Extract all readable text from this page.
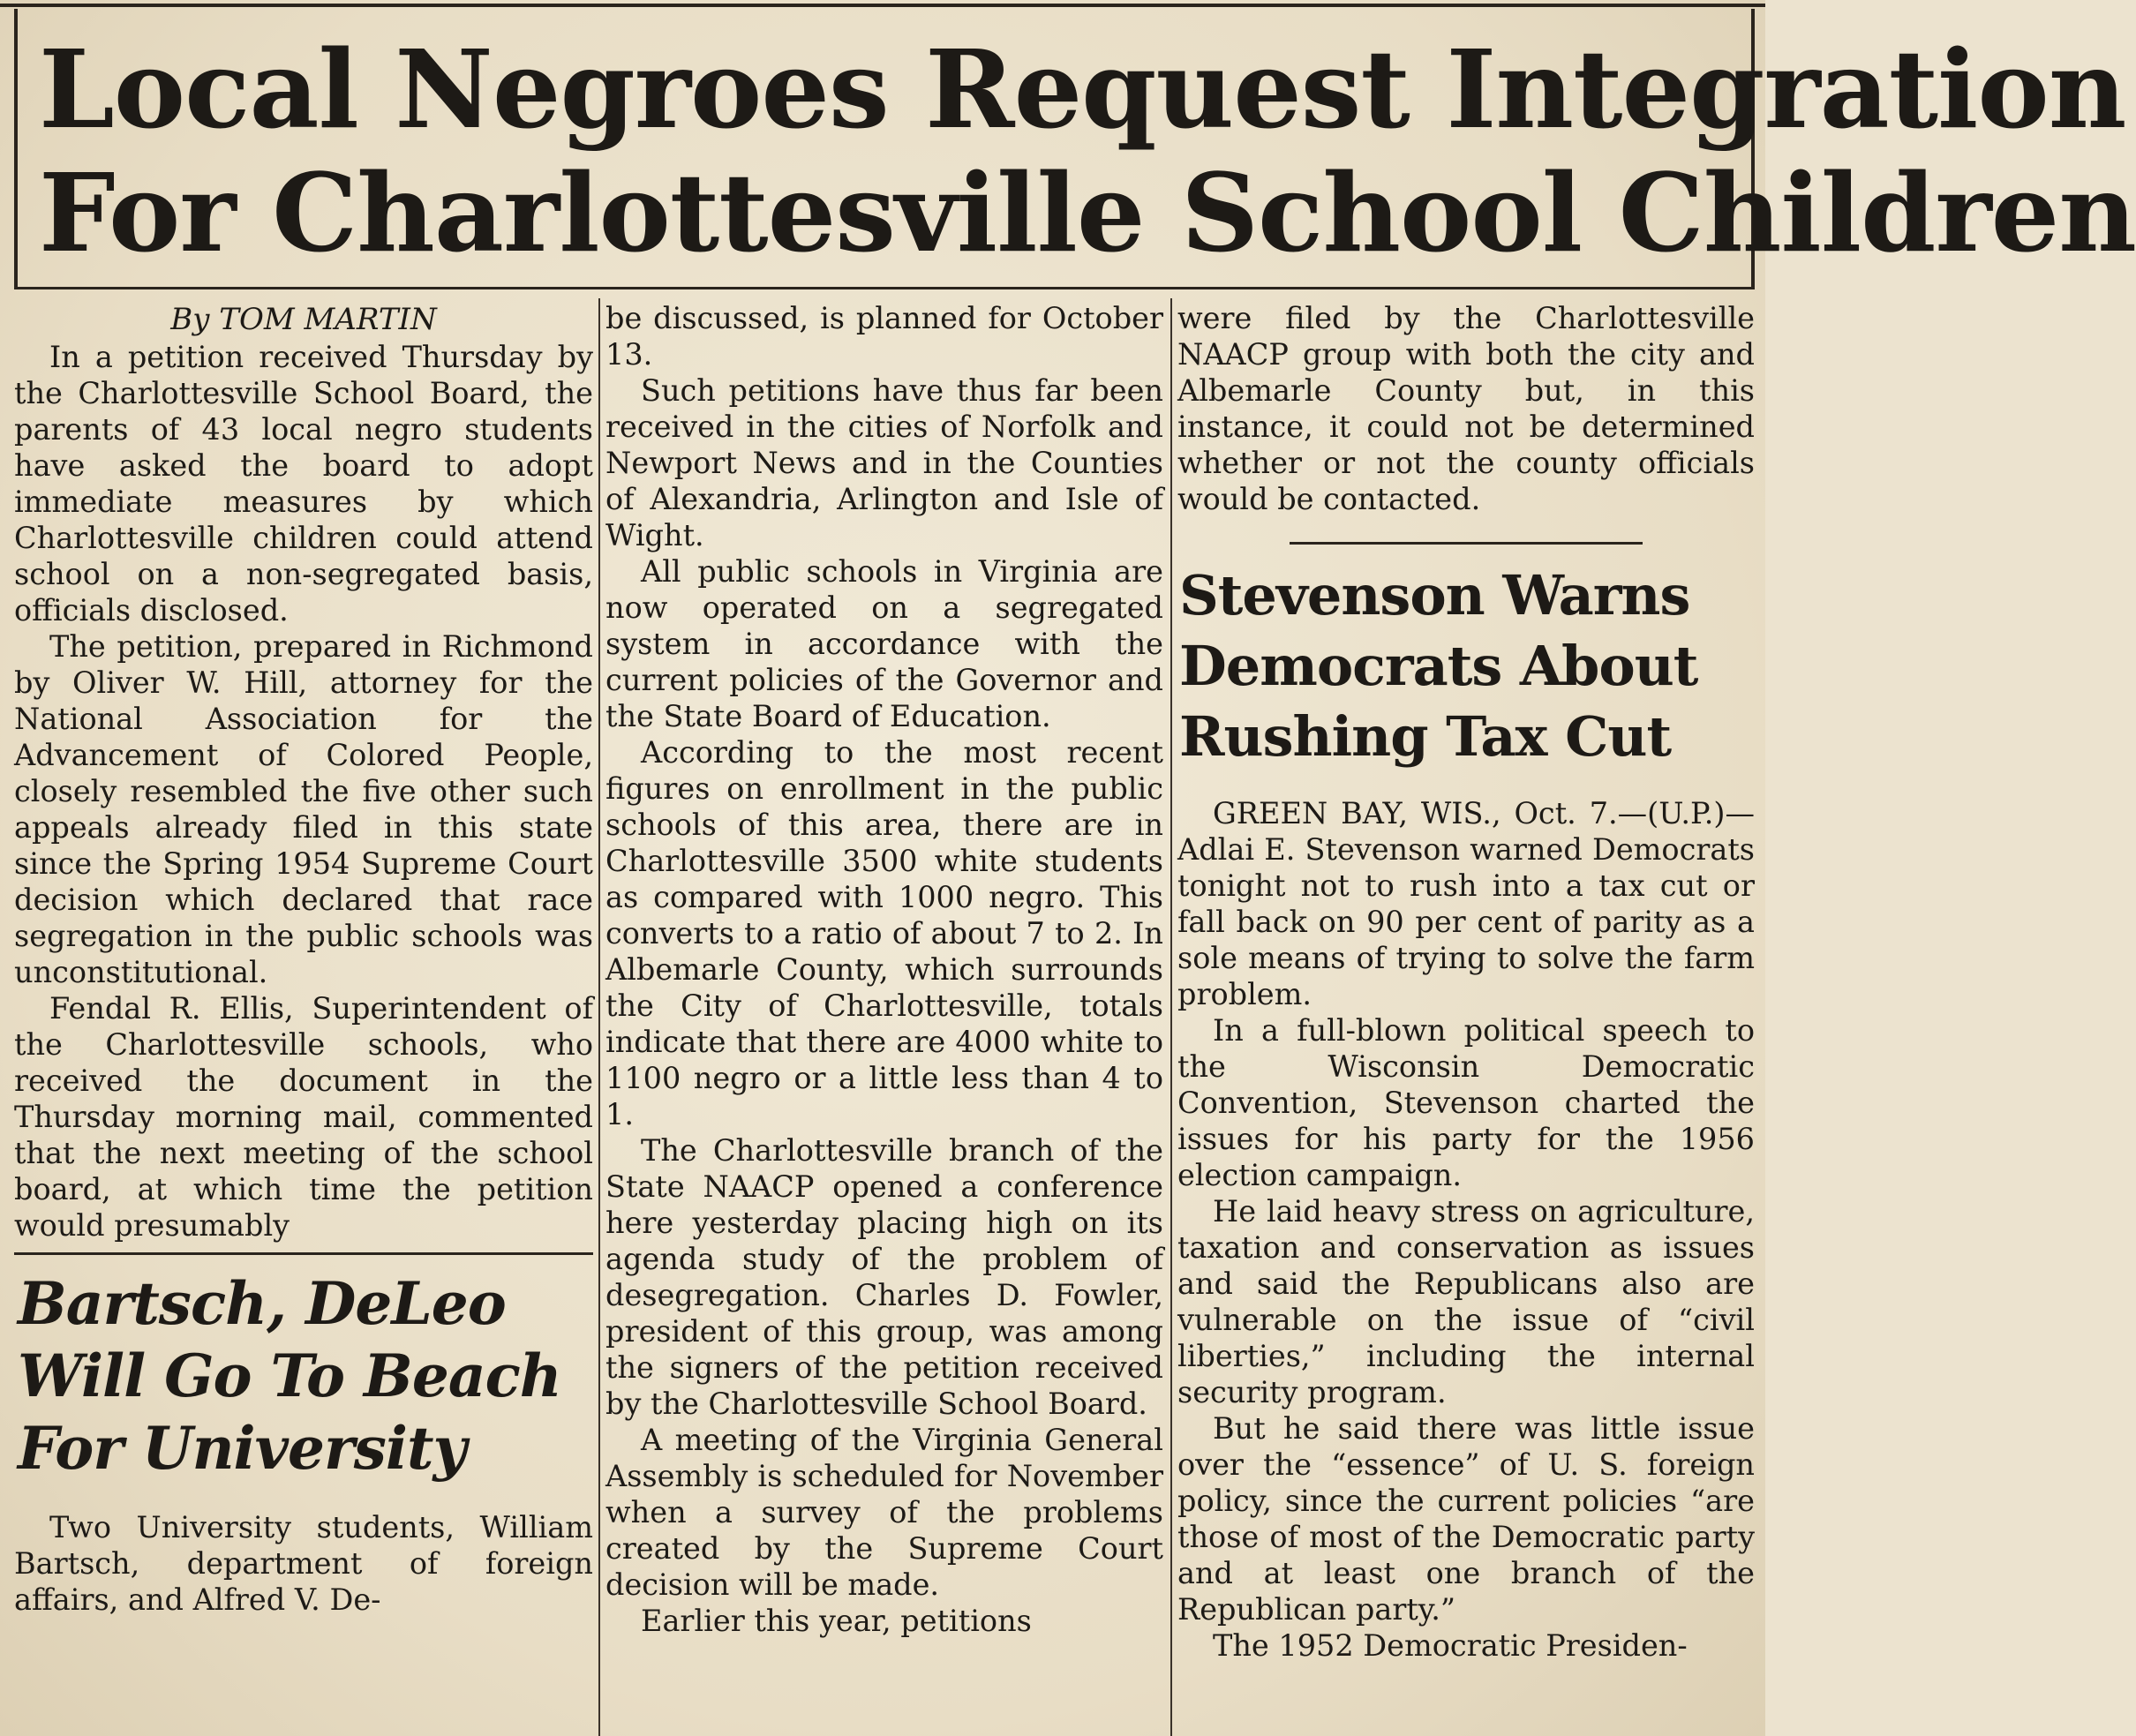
Local Negroes Request Integration
For Charlottesville School Children
By TOM MARTIN

In a petition received Thursday by the Charlottesville School Board, the parents of 43 local negro students have asked the board to adopt immediate measures by which Charlottesville children could attend school on a non-segregated basis, officials disclosed.

The petition, prepared in Richmond by Oliver W. Hill, attorney for the National Association for the Advancement of Colored People, closely resembled the five other such appeals already filed in this state since the Spring 1954 Supreme Court decision which declared that race segregation in the public schools was unconstitutional.

Fendal R. Ellis, Superintendent of the Charlottesville schools, who received the document in the Thursday morning mail, commented that the next meeting of the school board, at which time the petition would presumably

Bartsch, DeLeo Will Go To Beach For University

Two University students, William Bartsch, department of foreign affairs, and Alfred V. De-

be discussed, is planned for October 13.

Such petitions have thus far been received in the cities of Norfolk and Newport News and in the Counties of Alexandria, Arlington and Isle of Wight.

All public schools in Virginia are now operated on a segregated system in accordance with the current policies of the Governor and the State Board of Education.

According to the most recent figures on enrollment in the public schools of this area, there are in Charlottesville 3500 white students as compared with 1000 negro. This converts to a ratio of about 7 to 2. In Albemarle County, which surrounds the City of Charlottesville, totals indicate that there are 4000 white to 1100 negro or a little less than 4 to 1.

The Charlottesville branch of the State NAACP opened a conference here yesterday placing high on its agenda study of the problem of desegregation. Charles D. Fowler, president of this group, was among the signers of the petition received by the Charlottesville School Board.

A meeting of the Virginia General Assembly is scheduled for November when a survey of the problems created by the Supreme Court decision will be made.

Earlier this year, petitions

were filed by the Charlottesville NAACP group with both the city and Albemarle County but, in this instance, it could not be determined whether or not the county officials would be contacted.

Stevenson Warns Democrats About Rushing Tax Cut

GREEN BAY, WIS., Oct. 7.—(U.P.)—Adlai E. Stevenson warned Democrats tonight not to rush into a tax cut or fall back on 90 per cent of parity as a sole means of trying to solve the farm problem.

In a full-blown political speech to the Wisconsin Democratic Convention, Stevenson charted the issues for his party for the 1956 election campaign.

He laid heavy stress on agriculture, taxation and conservation as issues and said the Republicans also are vulnerable on the issue of “civil liberties,” including the internal security program.

But he said there was little issue over the “essence” of U. S. foreign policy, since the current policies “are those of most of the Democratic party and at least one branch of the Republican party.”

The 1952 Democratic Presiden-
